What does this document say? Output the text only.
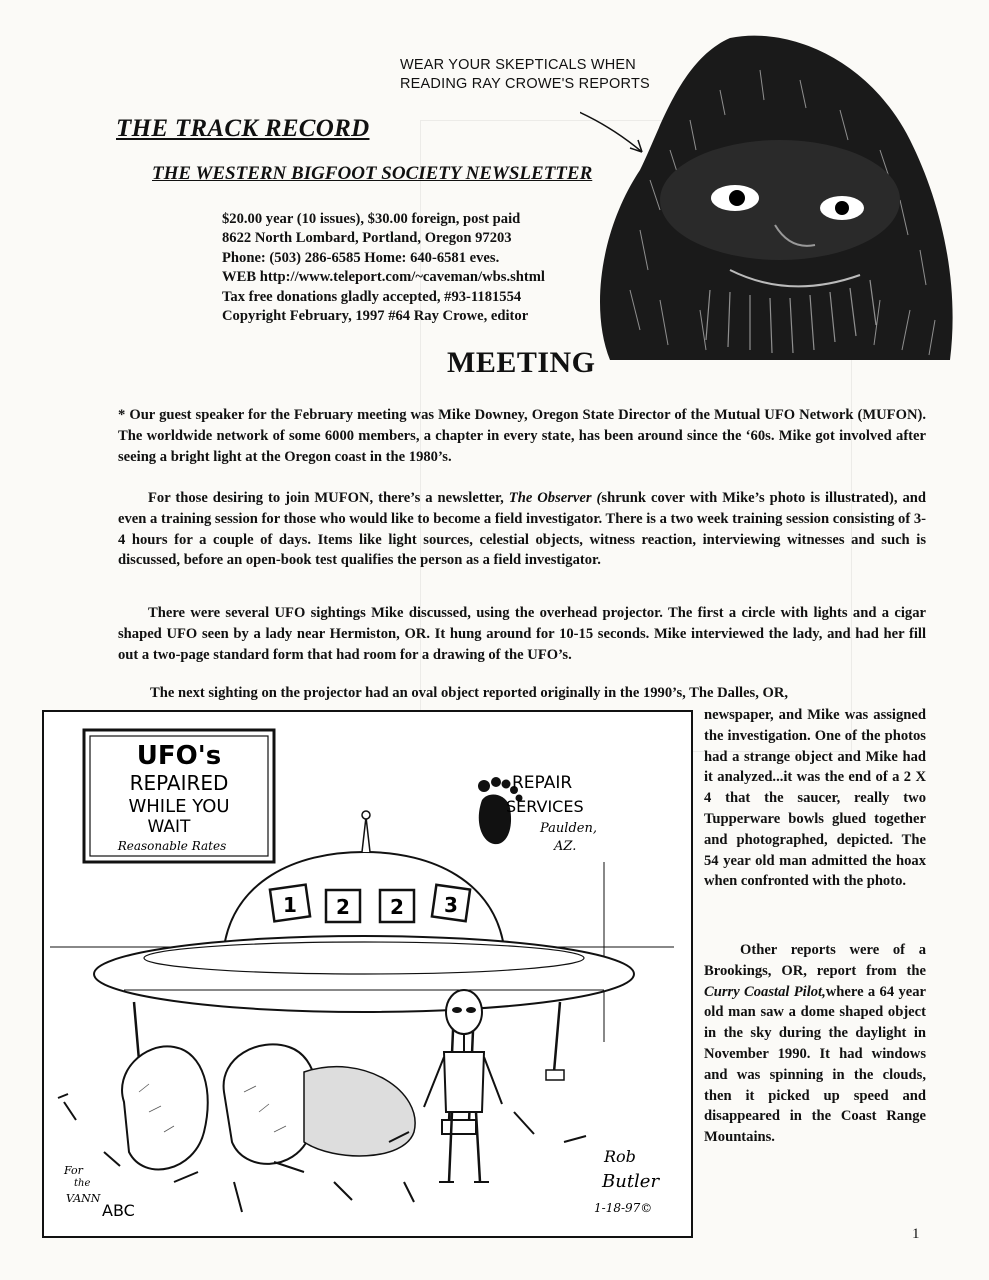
THE TRACK RECORD
THE WESTERN BIGFOOT SOCIETY NEWSLETTER
$20.00 year (10 issues), $30.00 foreign, post paid
8622 North Lombard, Portland, Oregon 97203
Phone: (503) 286-6585 Home: 640-6581 eves.
WEB http://www.teleport.com/~caveman/wbs.shtml
Tax free donations gladly accepted, #93-1181554
Copyright February, 1997 #64 Ray Crowe, editor
WEAR YOUR SKEPTICALS WHEN
READING RAY CROWE'S REPORTS
MEETING
* Our guest speaker for the February meeting was Mike Downey, Oregon State Director of the Mutual UFO Network (MUFON). The worldwide network of some 6000 members, a chapter in every state, has been around since the ‘60s. Mike got involved after seeing a bright light at the Oregon coast in the 1980’s.
For those desiring to join MUFON, there’s a newsletter, The Observer (shrunk cover with Mike’s photo is illustrated), and even a training session for those who would like to become a field investigator. There is a two week training session consisting of 3-4 hours for a couple of days. Items like light sources, celestial objects, witness reaction, interviewing witnesses and such is discussed, before an open-book test qualifies the person as a field investigator.
There were several UFO sightings Mike discussed, using the overhead projector. The first a circle with lights and a cigar shaped UFO seen by a lady near Hermiston, OR. It hung around for 10-15 seconds. Mike interviewed the lady, and had her fill out a two-page standard form that had room for a drawing of the UFO’s.
The next sighting on the projector had an oval object reported originally in the 1990’s, The Dalles, OR,
newspaper, and Mike was assigned the investigation. One of the photos had a strange object and Mike had it analyzed...it was the end of a 2 X 4 that the saucer, really two Tupperware bowls glued together and photographed, depicted. The 54 year old man admitted the hoax when confronted with the photo.
Other reports were of a Brookings, OR, report from the Curry Coastal Pilot,where a 64 year old man saw a dome shaped object in the sky during the daylight in November 1990. It had windows and was spinning in the clouds, then it picked up speed and disappeared in the Coast Range Mountains.
UFO's
REPAIRED
WHILE YOU
WAIT
Reasonable Rates
REPAIR
SERVICES
Paulden,
AZ.
1 2 2 3
Rob
Butler
1-18-97©
For
the
VANN
ABC
1
